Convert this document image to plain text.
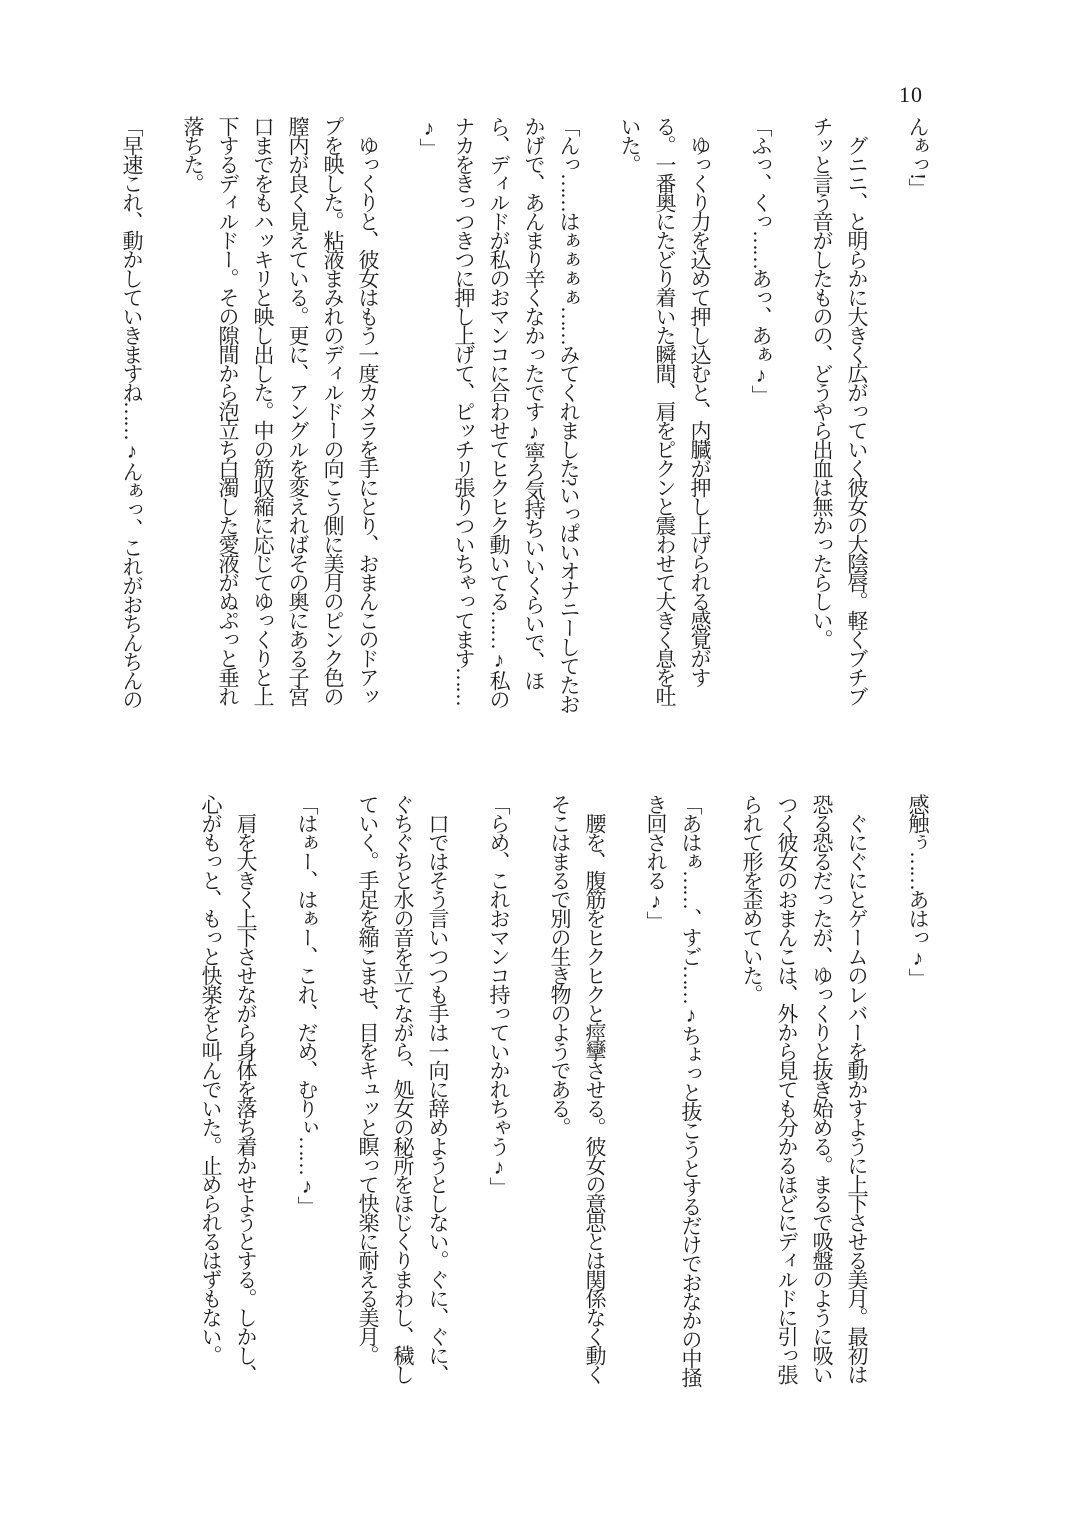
10

んぁっ!」

　グニニ、と明らかに大きく広がっていく彼女の大陰唇。軽くブチブチッと言う音がしたものの、どうやら出血は無かったらしい。

「ふっ、くっ……あっ、あぁ♪」

　ゆっくり力を込めて押し込むと、内臓が押し上げられる感覚がする。一番奥にたどり着いた瞬間、肩をピクンと震わせて大きく息を吐いた。

「んっ……はぁぁぁぁ……みてくれました?いっぱいオナニーしてたおかげで、あんまり辛くなかったです♪寧ろ気持ちいいくらいで、ほら、ディルドが私のおマンコに合わせてヒクヒク動いてる……♪私のナカをきっつきつに押し上げて、ピッチリ張りついちゃってます……♪」

　ゆっくりと、彼女はもう一度カメラを手にとり、おまんこのドアップを映した。粘液まみれのディルドーの向こう側に美月のピンク色の膣内が良く見えている。更に、アングルを変えればその奥にある子宮口までをもハッキリと映し出した。中の筋収縮に応じてゆっくりと上下するディルドー。その隙間から泡立ち白濁した愛液がぬぷっと垂れ落ちた。

「早速これ、動かしていきますね……♪んぁっ、これがおちんちんの

感触ぅ……あはっ♪」

　ぐにぐにとゲームのレバーを動かすように上下させる美月。最初は恐る恐るだったが、ゆっくりと抜き始める。まるで吸盤のように吸いつく彼女のおまんこは、外から見ても分かるほどにディルドに引っ張られて形を歪めていた。

「あはぁ……、すご……♪ちょっと抜こうとするだけでおなかの中掻き回される♪」

　腰を、腹筋をヒクヒクと痙攣させる。彼女の意思とは関係なく動くそこはまるで別の生き物のようである。

「らめ、これおマンコ持っていかれちゃう♪」

　口ではそう言いつつも手は一向に辞めようとしない。ぐに、ぐに、ぐちぐちと水の音を立てながら、処女の秘所をほじくりまわし、穢していく。手足を縮こませ、目をキュッと瞑って快楽に耐える美月。

「はぁー、はぁー、これ、だめ、むりぃ……♪」

　肩を大きく上下させながら身体を落ち着かせようとする。しかし、心がもっと、もっと快楽をと叫んでいた。止められるはずもない。
